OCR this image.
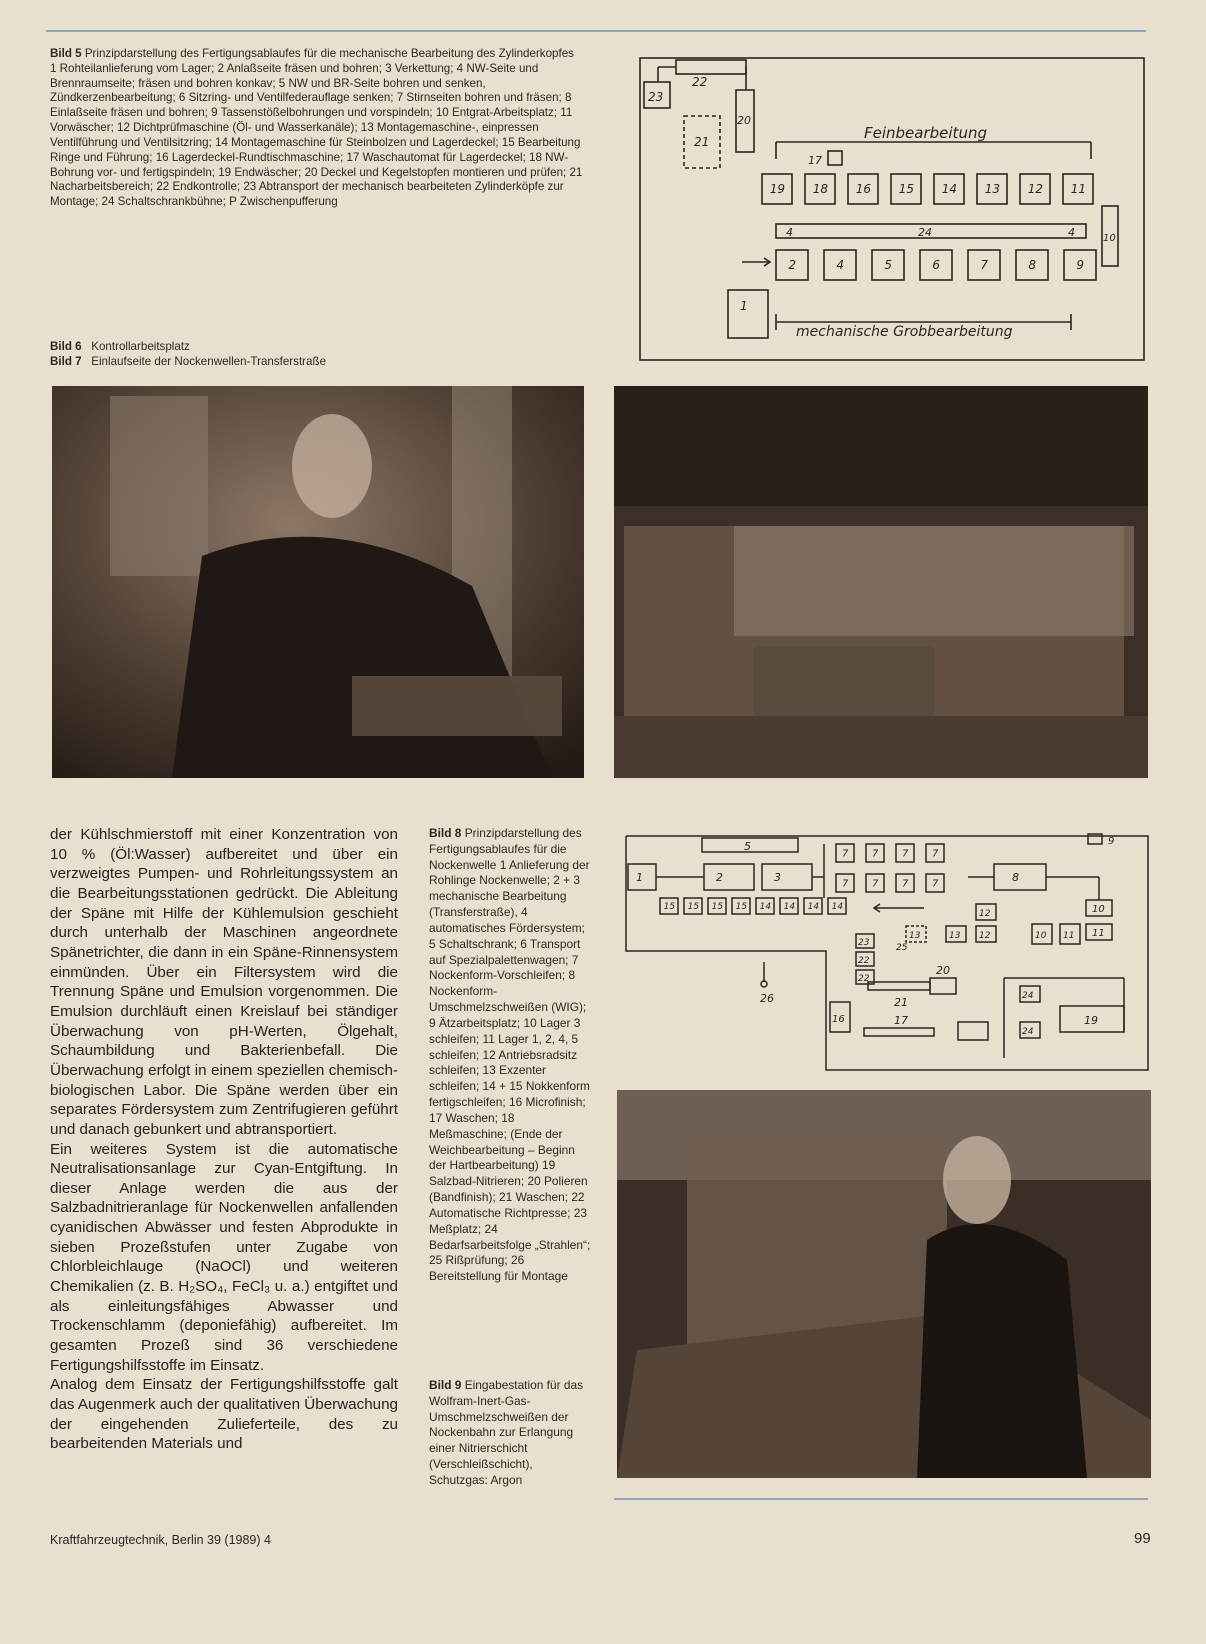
Bild 5 Prinzipdarstellung des Fertigungsablaufes für die mechanische Bearbeitung des Zylinderkopfes
1 Rohteilanlieferung vom Lager; 2 Anlaßseite fräsen und bohren; 3 Verkettung; 4 NW-Seite und Brennraumseite; fräsen und bohren konkav; 5 NW und BR-Seite bohren und senken, Zündkerzenbearbeitung; 6 Sitzring- und Ventilfederauflage senken; 7 Stirnseiten bohren und fräsen; 8 Einlaßseite fräsen und bohren; 9 Tassenstößelbohrungen und vorspindeln; 10 Entgrat-Arbeitsplatz; 11 Vorwäscher; 12 Dichtprüfmaschine (Öl- und Wasserkanäle); 13 Montagemaschine-, einpressen Ventilführung und Ventilsitzring; 14 Montagemaschine für Steinbolzen und Lagerdeckel; 15 Bearbeitung Ringe und Führung; 16 Lagerdeckel-Rundtischmaschine; 17 Waschautomat für Lagerdeckel; 18 NW-Bohrung vor- und fertigspindeln; 19 Endwäscher; 20 Deckel und Kegelstopfen montieren und prüfen; 21 Nacharbeitsbereich; 22 Endkontrolle; 23 Abtransport der mechanisch bearbeiteten Zylinderköpfe zur Montage; 24 Schaltschrankbühne; P Zwischenpufferung
Bild 6 Kontrollarbeitsplatz
Bild 7 Einlaufseite der Nockenwellen-Transferstraße
23
22
21
20
Feinbearbeitung
17
19 18 16 15 14 13 12 11
10
24
4	4
2	4	5	6	7	8	9
1
mechanische Grobbearbeitung
1
5
2	3
7 7 7 7
7 7 7 7	8
9
10
11
10 11
12
12
13
13
15 15 15 15 14 14 14 14
25
23
22
22
26
20
21
16	17
24
24
19

der Kühlschmierstoff mit einer Konzentration von 10 % (Öl:Wasser) aufbereitet und über ein verzweigtes Pumpen- und Rohrleitungssystem an die Bearbeitungsstationen gedrückt. Die Ableitung der Späne mit Hilfe der Kühlemulsion geschieht durch unterhalb der Maschinen angeordnete Spänetrichter, die dann in ein Späne-Rinnensystem einmünden. Über ein Filtersystem wird die Trennung Späne und Emulsion vorgenommen. Die Emulsion durchläuft einen Kreislauf bei ständiger Überwachung von pH-Werten, Ölgehalt, Schaumbildung und Bakterienbefall. Die Überwachung erfolgt in einem speziellen chemisch-biologischen Labor. Die Späne werden über ein separates Fördersystem zum Zentrifugieren geführt und danach gebunkert und abtransportiert.

Ein weiteres System ist die automatische Neutralisationsanlage zur Cyan-Entgiftung. In dieser Anlage werden die aus der Salzbadnitrieranlage für Nockenwellen anfallenden cyanidischen Abwässer und festen Abprodukte in sieben Prozeßstufen unter Zugabe von Chlorbleichlauge (NaOCl) und weiteren Chemikalien (z. B. H₂SO₄, FeCl₃ u. a.) entgiftet und als einleitungsfähiges Abwasser und Trockenschlamm (deponiefähig) aufbereitet. Im gesamten Prozeß sind 36 verschiedene Fertigungshilfsstoffe im Einsatz.

Analog dem Einsatz der Fertigungshilfsstoffe galt das Augenmerk auch der qualitativen Überwachung der eingehenden Zulieferteile, des zu bearbeitenden Materials und

Bild 8 Prinzipdarstellung des Fertigungsablaufes für die Nockenwelle 1 Anlieferung der Rohlinge Nockenwelle; 2 + 3 mechanische Bearbeitung (Transferstraße), 4 automatisches Fördersystem; 5 Schaltschrank; 6 Transport auf Spezialpalettenwagen; 7 Nockenform-Vorschleifen; 8 Nockenform-Umschmelzschweißen (WIG); 9 Ätzarbeitsplatz; 10 Lager 3 schleifen; 11 Lager 1, 2, 4, 5 schleifen; 12 Antriebsradsitz schleifen; 13 Exzenter schleifen; 14 + 15 Nokkenform fertigschleifen; 16 Microfinish; 17 Waschen; 18 Meßmaschine; (Ende der Weichbearbeitung – Beginn der Hartbearbeitung) 19 Salzbad-Nitrieren; 20 Polieren (Bandfinish); 21 Waschen; 22 Automatische Richtpresse; 23 Meßplatz; 24 Bedarfsarbeitsfolge „Strahlen“; 25 Rißprüfung; 26 Bereitstellung für Montage
Bild 9 Eingabestation für das Wolfram-Inert-Gas-Umschmelzschweißen der Nockenbahn zur Erlangung einer Nitrierschicht (Verschleißschicht), Schutzgas: Argon
Kraftfahrzeugtechnik, Berlin 39 (1989) 4	99
